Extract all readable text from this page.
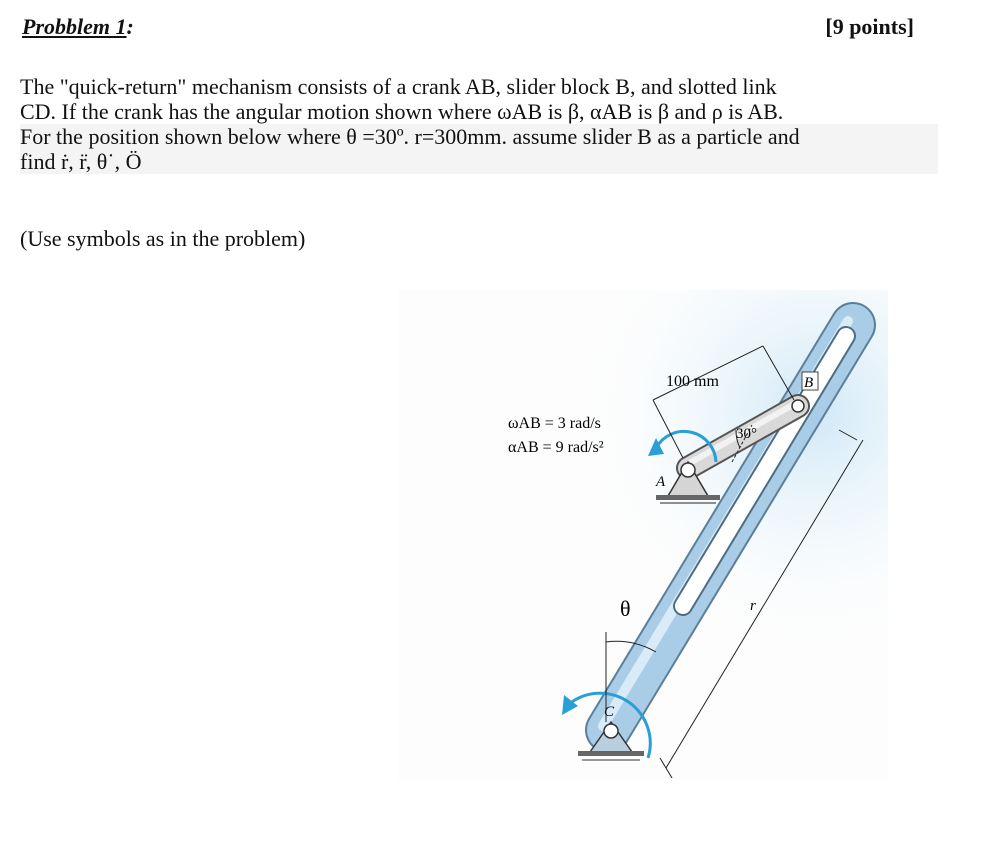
Probblem 1:	[9 points]
The "quick-return" mechanism consists of a crank AB, slider block B, and slotted link
CD. If the crank has the angular motion shown where ωAB is β, αAB is β and ρ is AB.
For the position shown below where θ =30º. r=300mm. assume slider B as a particle and find ṙ, r̈, θ˙, Ö
(Use symbols as in the problem)
C
θ	r
A
ωAB = 3 rad/s
αAB = 9 rad/s²
100 mm
30°
B
